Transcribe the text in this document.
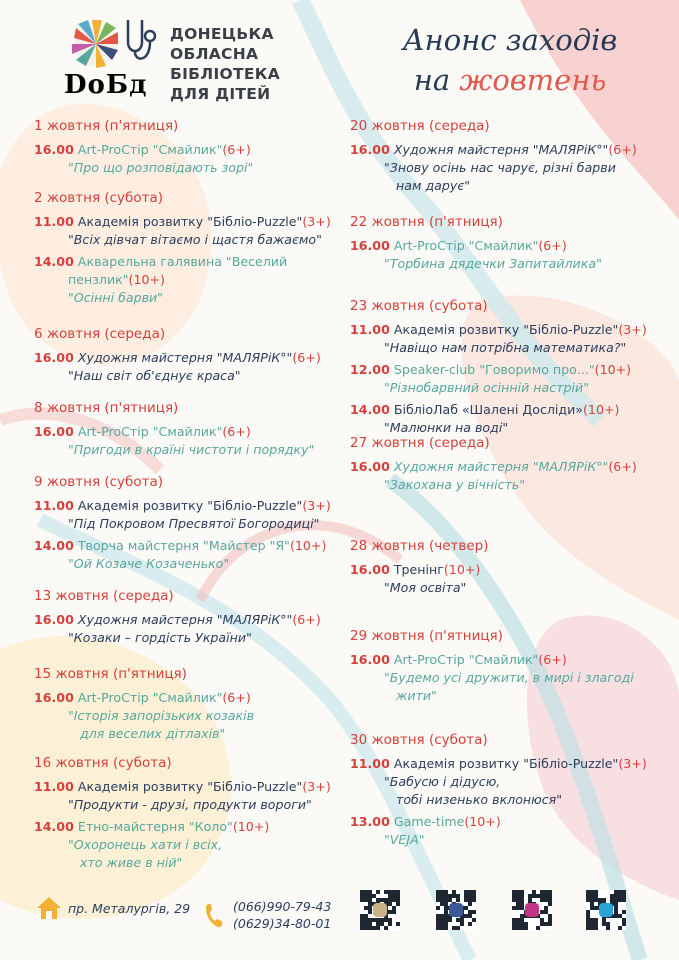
DoБд
ДОНЕЦЬКА
ОБЛАСНА
БІБЛІОТЕКА
ДЛЯ ДІТЕЙ
Анонс заходів
на жовтень
1 жовтня (п'ятниця)
16.00 Art-ProСтір "Смайлик"(6+)
"Про що розповідають зорі"
2 жовтня (субота)
11.00 Академія розвитку "Бібліо-Puzzle"(3+)
"Всіх дівчат вітаємо і щастя бажаємо"
14.00 Акварельна галявина "Веселий
пензлик"(10+)
"Осінні барви"
6 жовтня (середа)
16.00 Художня майстерня "МАЛЯРіК°"(6+)
"Наш світ об'єднує краса"
8 жовтня (п'ятниця)
16.00 Art-ProСтір "Смайлик"(6+)
"Пригоди в країні чистоти і порядку"
9 жовтня (субота)
11.00 Академія розвитку "Бібліо-Puzzle"(3+)
"Під Покровом Пресвятої Богородиці"
14.00 Творча майстерня "Майстер "Я"(10+)
"Ой Козаче Козаченько"
13 жовтня (середа)
16.00 Художня майстерня "МАЛЯРіК°"(6+)
"Козаки – гордість України"
15 жовтня (п'ятниця)
16.00 Art-ProСтір "Смайлик"(6+)
"Історія запорізьких козаків
для веселих дітлахів"
16 жовтня (субота)
11.00 Академія розвитку "Бібліо-Puzzle"(3+)
"Продукти - друзі, продукти вороги"
14.00 Етно-майстерня "Коло"(10+)
"Охоронець хати і всіх,
хто живе в ній"
20 жовтня (середа)
16.00 Художня майстерня "МАЛЯРіК°"(6+)
"Знову осінь нас чарує, різні барви
нам дарує"
22 жовтня (п'ятниця)
16.00 Art-ProСтір "Смайлик"(6+)
"Торбина дядечки Запитайлика"
23 жовтня (субота)
11.00 Академія розвитку "Бібліо-Puzzle"(3+)
"Навіщо нам потрібна математика?"
12.00 Speaker-club "Говоримо про..."(10+)
"Різнобарвний осінній настрій"
14.00 БібліоЛаб «Шалені Досліди»(10+)
"Малюнки на воді"
27 жовтня (середа)
16.00 Художня майстерня "МАЛЯРіК°"(6+)
"Закохана у вічність"
28 жовтня (четвер)
16.00 Тренінг(10+)
"Моя освіта"
29 жовтня (п'ятниця)
16.00 Art-ProСтір "Смайлик"(6+)
"Будемо усі дружити, в мирі і злагоді
жити"
30 жовтня (субота)
11.00 Академія розвитку "Бібліо-Puzzle"(3+)
"Бабусю і дідусю,
тобі низенько вклонюся"
13.00 Game-time(10+)
"VEJA"
пр. Металургів, 29	(066)990-79-43
(0629)34-80-01
